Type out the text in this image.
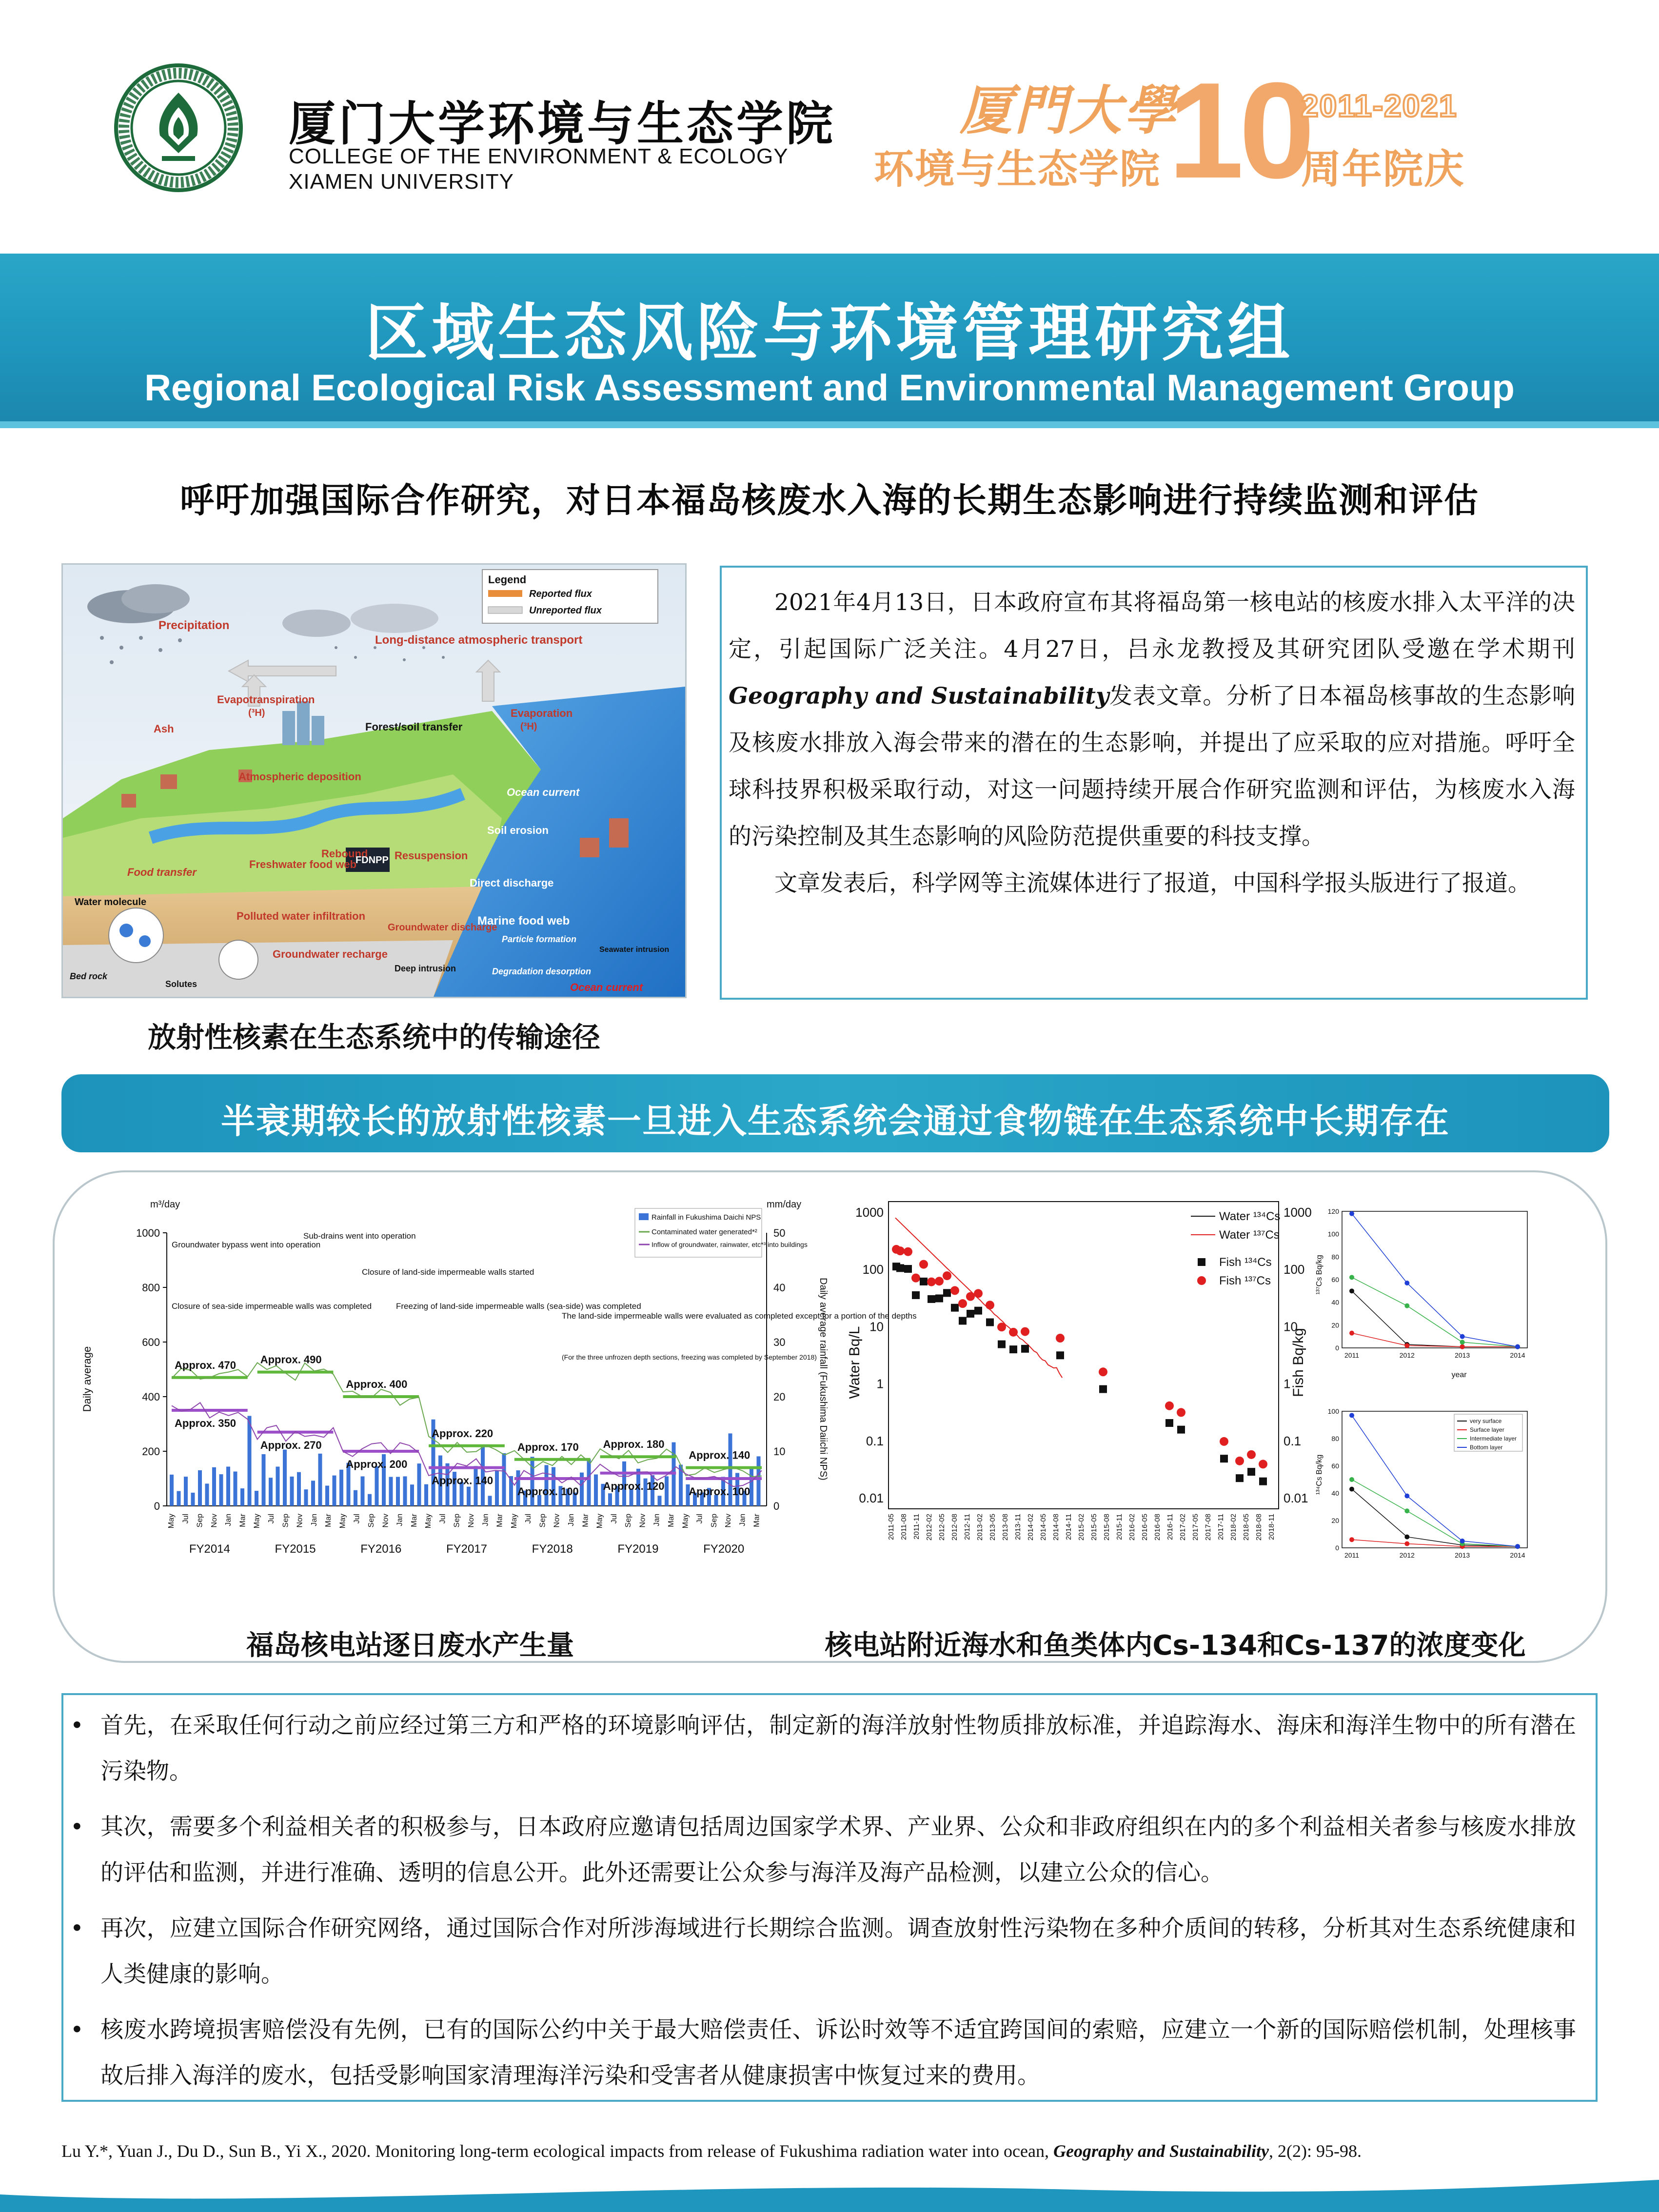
厦门大学环境与生态学院
COLLEGE OF THE ENVIRONMENT & ECOLOGY
XIAMEN UNIVERSITY
厦門大學
环境与生态学院 10
2011-2021
周年院庆
区域生态风险与环境管理研究组
Regional Ecological Risk Assessment and Environmental Management Group
呼吁加强国际合作研究，对日本福岛核废水入海的长期生态影响进行持续监测和评估
Legend
Reported flux
Unreported flux
Precipitation
Long-distance atmospheric transport
Evapotranspiration
(³H)
Ash	Forest/soil transfer
Evaporation
(³H)
Atmospheric deposition
Ocean current
Soil erosion
Rebound Resuspension
Food transfer
Freshwater food web
FDNPP
Direct discharge
Water molecule
Polluted water infiltration
Groundwater discharge
Marine food web
Particle formation
Seawater intrusion
Groundwater recharge
Deep intrusion	Degradation desorption
Ocean current
Bed rock
Solutes
放射性核素在生态系统中的传输途径

2021年4月13日，日本政府宣布其将福岛第一核电站的核废水排入太平洋的决定，引起国际广泛关注。4月27日，吕永龙教授及其研究团队受邀在学术期刊Geography and Sustainability发表文章。分析了日本福岛核事故的生态影响及核废水排放入海会带来的潜在的生态影响，并提出了应采取的应对措施。呼吁全球科技界积极采取行动，对这一问题持续开展合作研究监测和评估，为核废水入海的污染控制及其生态影响的风险防范提供重要的科技支撑。

文章发表后，科学网等主流媒体进行了报道，中国科学报头版进行了报道。

半衰期较长的放射性核素一旦进入生态系统会通过食物链在生态系统中长期存在
m³/day	mm/day
Daily average	Daily average rainfall (Fukushima Daiichi NPS)
0
200
400
600
800
1000
0
10
20
30
40
50
Approx. 470
Approx. 350
Approx. 490
Approx. 270
Approx. 400
Approx. 200
Approx. 220
Approx. 140
Approx. 170
Approx. 100
Approx. 180
Approx. 120
Approx. 140
Approx. 100
Groundwater bypass went into operation
Sub-drains went into operation
Closure of land-side impermeable walls started
Closure of sea-side impermeable walls was completed	Freezing of land-side impermeable walls (sea-side) was completed
The land-side impermeable walls were evaluated as completed except for a portion of the depths
(For the three unfrozen depth sections, freezing was completed by September 2018)
Rainfall in Fukushima Daichi NPS
Contaminated water generated*²
Inflow of groundwater, rainwater, etc*³ into buildings
May Jul Sep Nov Jan Mar
FY2014
May Jul Sep Nov Jan Mar
FY2015
May Jul Sep Nov Jan Mar
FY2016
May Jul Sep Nov Jan Mar
FY2017
May Jul Sep Nov Jan Mar
FY2018
May Jul Sep Nov Jan Mar
FY2019
May Jul Sep Nov Jan Mar
FY2020
Water Bq/L	Fish Bq/kg
0.01	0.01
0.1	0.1
1	1
10	10
100	100
1000	1000
2011-05 2011-08 2011-11 2012-02 2012-05 2012-08 2012-11 2013-02 2013-05 2013-08 2013-11 2014-02 2014-05 2014-08 2014-11 2015-02 2015-05 2015-08 2015-11 2016-02 2016-05 2016-08 2016-11 2017-02 2017-05 2017-08 2017-11 2018-02 2018-05 2018-08 2018-11
Water ¹³⁴Cs
Water ¹³⁷Cs
Fish ¹³⁴Cs
Fish ¹³⁷Cs	¹³⁷Cs Bq/kg
year
0
20
40
60
80
100
120
2011	2012	2013	2014
¹³⁴Cs Bq/kg
0
20
40
60
80
100
2011	2012	2013	2014
very surface
Surface layer
Intermediate layer
Bottom layer
福岛核电站逐日废水产生量	核电站附近海水和鱼类体内Cs-134和Cs-137的浓度变化

• 首先，在采取任何行动之前应经过第三方和严格的环境影响评估，制定新的海洋放射性物质排放标准，并追踪海水、海床和海洋生物中的所有潜在污染物。

• 其次，需要多个利益相关者的积极参与，日本政府应邀请包括周边国家学术界、产业界、公众和非政府组织在内的多个利益相关者参与核废水排放的评估和监测，并进行准确、透明的信息公开。此外还需要让公众参与海洋及海产品检测，以建立公众的信心。

• 再次，应建立国际合作研究网络，通过国际合作对所涉海域进行长期综合监测。调查放射性污染物在多种介质间的转移，分析其对生态系统健康和人类健康的影响。

• 核废水跨境损害赔偿没有先例，已有的国际公约中关于最大赔偿责任、诉讼时效等不适宜跨国间的索赔，应建立一个新的国际赔偿机制，处理核事故后排入海洋的废水，包括受影响国家清理海洋污染和受害者从健康损害中恢复过来的费用。

Lu Y.*, Yuan J., Du D., Sun B., Yi X., 2020. Monitoring long-term ecological impacts from release of Fukushima radiation water into ocean, Geography and Sustainability, 2(2): 95-98.
